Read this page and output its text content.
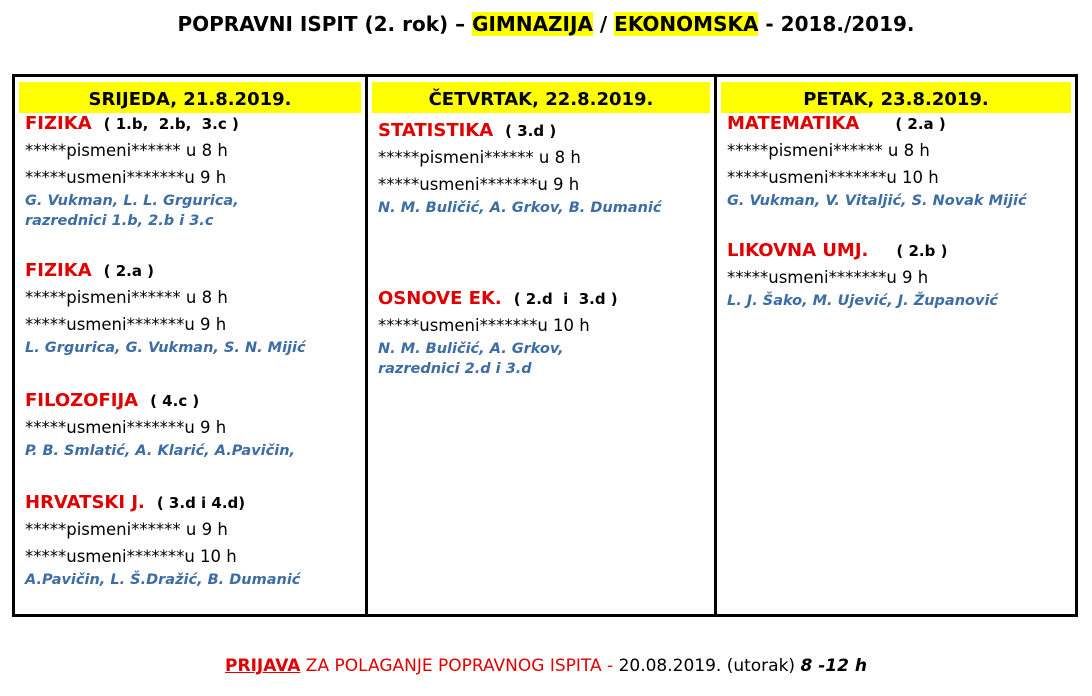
POPRAVNI ISPIT (2. rok) – GIMNAZIJA / EKONOMSKA - 2018./2019.
SRIJEDA, 21.8.2019.
FIZIKA ( 1.b,  2.b,  3.c )
*****pismeni****** u 8 h
*****usmeni*******u 9 h
G. Vukman, L. L. Grgurica,
razrednici 1.b, 2.b i 3.c
FIZIKA ( 2.a )
*****pismeni****** u 8 h
*****usmeni*******u 9 h
L. Grgurica, G. Vukman, S. N. Mijić
FILOZOFIJA ( 4.c )
*****usmeni*******u 9 h
P. B. Smlatić, A. Klarić, A.Pavičin,
HRVATSKI J. ( 3.d i 4.d)
*****pismeni****** u 9 h
*****usmeni*******u 10 h
A.Pavičin, L. Š.Dražić, B. Dumanić
ČETVRTAK, 22.8.2019.
STATISTIKA ( 3.d )
*****pismeni****** u 8 h
*****usmeni*******u 9 h
N. M. Buličić, A. Grkov, B. Dumanić
OSNOVE EK. ( 2.d  i  3.d )
*****usmeni*******u 10 h
N. M. Buličić, A. Grkov,
razrednici 2.d i 3.d
PETAK, 23.8.2019.
MATEMATIKA ( 2.a )
*****pismeni****** u 8 h
*****usmeni*******u 10 h
G. Vukman, V. Vitaljić, S. Novak Mijić
LIKOVNA UMJ. ( 2.b )
*****usmeni*******u 9 h
L. J. Šako, M. Ujević, J. Županović
PRIJAVA ZA POLAGANJE POPRAVNOG ISPITA - 20.08.2019. (utorak) 8 -12 h
